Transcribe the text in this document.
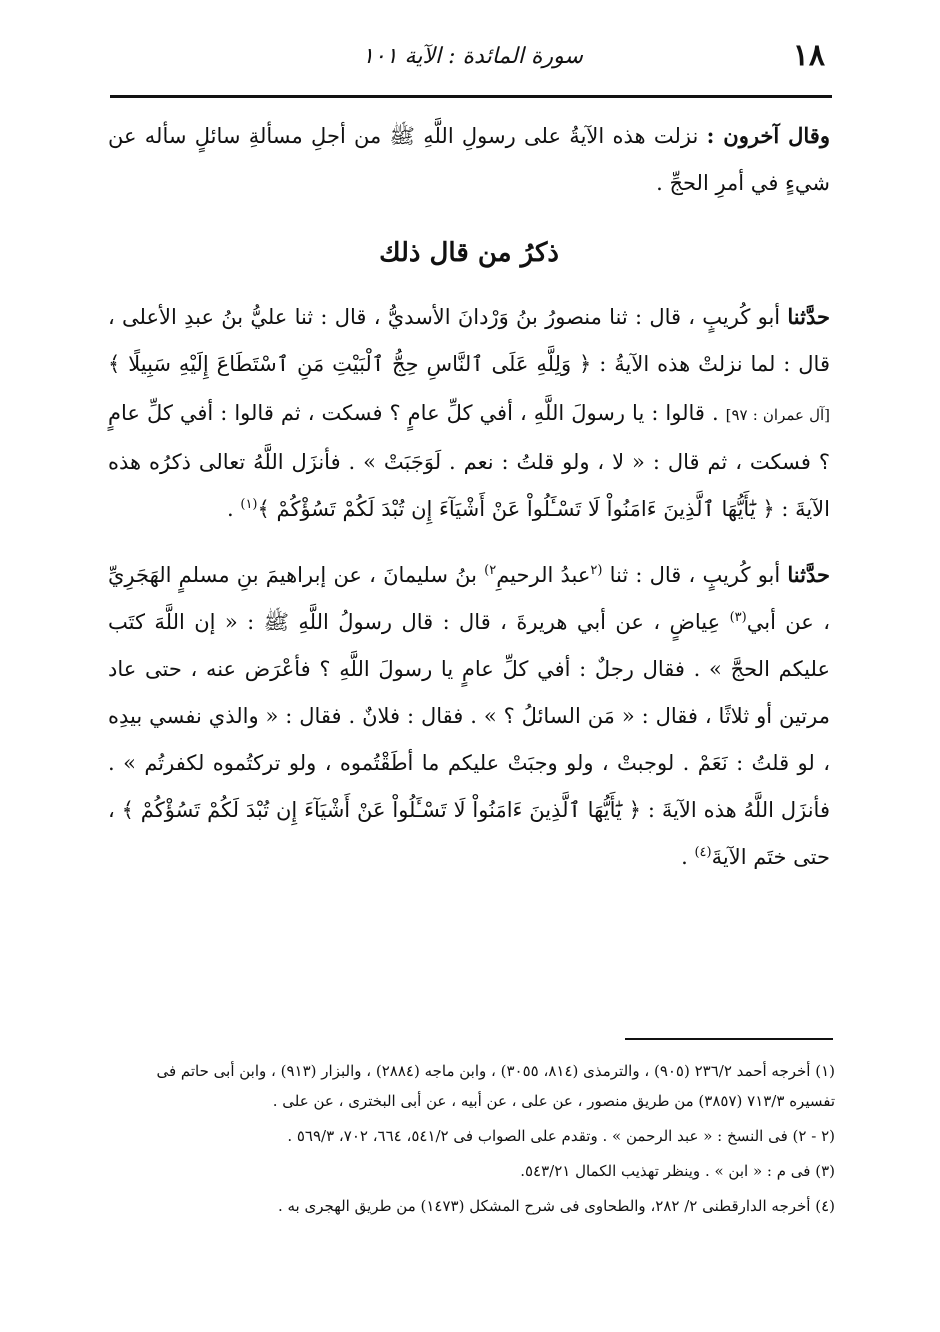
١٨
سورة المائدة : الآية ١٠١

وقال آخرون : نزلت هذه الآيةُ على رسولِ اللَّهِ ﷺ من أجلِ مسألةِ سائلٍ سأله عن شيءٍ في أمرِ الحجِّ .

ذكرُ من قال ذلك

حدَّثنا أبو كُريبٍ ، قال : ثنا منصورُ بنُ وَرْدانَ الأسديُّ ، قال : ثنا عليُّ بنُ عبدِ الأعلى ، قال : لما نزلتْ هذه الآيةُ : ﴿ وَلِلَّهِ عَلَى ٱلنَّاسِ حِجُّ ٱلْبَيْتِ مَنِ ٱسْتَطَاعَ إِلَيْهِ سَبِيلًا ﴾ [آل عمران : ٩٧] . قالوا : يا رسولَ اللَّهِ ، أفي كلِّ عامٍ ؟ فسكت ، ثم قالوا : أفي كلِّ عامٍ ؟ فسكت ، ثم قال : « لا ، ولو قلتُ : نعم . لَوَجَبَتْ » . فأنزَل اللَّهُ تعالى ذكرُه هذه الآيةَ : ﴿ يَٰٓأَيُّهَا ٱلَّذِينَ ءَامَنُواْ لَا تَسْـَٔلُواْ عَنْ أَشْيَآءَ إِن تُبْدَ لَكُمْ تَسُؤْكُمْ ﴾$^{(١)}$ .

حدَّثنا أبو كُريبٍ ، قال : ثنا $^{(٢}$عبدُ الرحيمِ$^{٢)}$ بنُ سليمانَ ، عن إبراهيمَ بنِ مسلمٍ الهَجَرِيِّ ، عن أبي$^{(٣)}$ عِياضٍ ، عن أبي هريرةَ ، قال : قال رسولُ اللَّهِ ﷺ : « إن اللَّهَ كتَب عليكم الحجَّ » . فقال رجلٌ : أفي كلِّ عامٍ يا رسولَ اللَّهِ ؟ فأعْرَض عنه ، حتى عاد مرتين أو ثلاثًا ، فقال : « مَن السائلُ ؟ » . فقال : فلانٌ . فقال : « والذي نفسي بيدِه ، لو قلتُ : نَعَمْ . لوجبتْ ، ولو وجبَتْ عليكم ما أطَقْتُموه ، ولو تركتُموه لكفرتُم » . فأنزَل اللَّهُ هذه الآيةَ : ﴿ يَٰٓأَيُّهَا ٱلَّذِينَ ءَامَنُواْ لَا تَسْـَٔلُواْ عَنْ أَشْيَآءَ إِن تُبْدَ لَكُمْ تَسُؤْكُمْ ﴾ ، حتى ختَم الآيةَ$^{(٤)}$ .

(١) أخرجه أحمد ٢٣٦/٢ (٩٠٥) ، والترمذى (٨١٤، ٣٠٥٥) ، وابن ماجه (٢٨٨٤) ، والبزار (٩١٣) ، وابن أبى حاتم فى تفسيره ٧١٣/٣ (٣٨٥٧) من طريق منصور ، عن على ، عن أبيه ، عن أبى البخترى ، عن على .

(٢ - ٢) فى النسخ : « عبد الرحمن » . وتقدم على الصواب فى ٥٤١/٢، ٦٦٤، ٧٠٢، ٥٦٩/٣ .

(٣) فى م : « ابن » . وينظر تهذيب الكمال ٥٤٣/٢١.

(٤) أخرجه الدارقطنى ٢/ ٢٨٢، والطحاوى فى شرح المشكل (١٤٧٣) من طريق الهجرى به .
